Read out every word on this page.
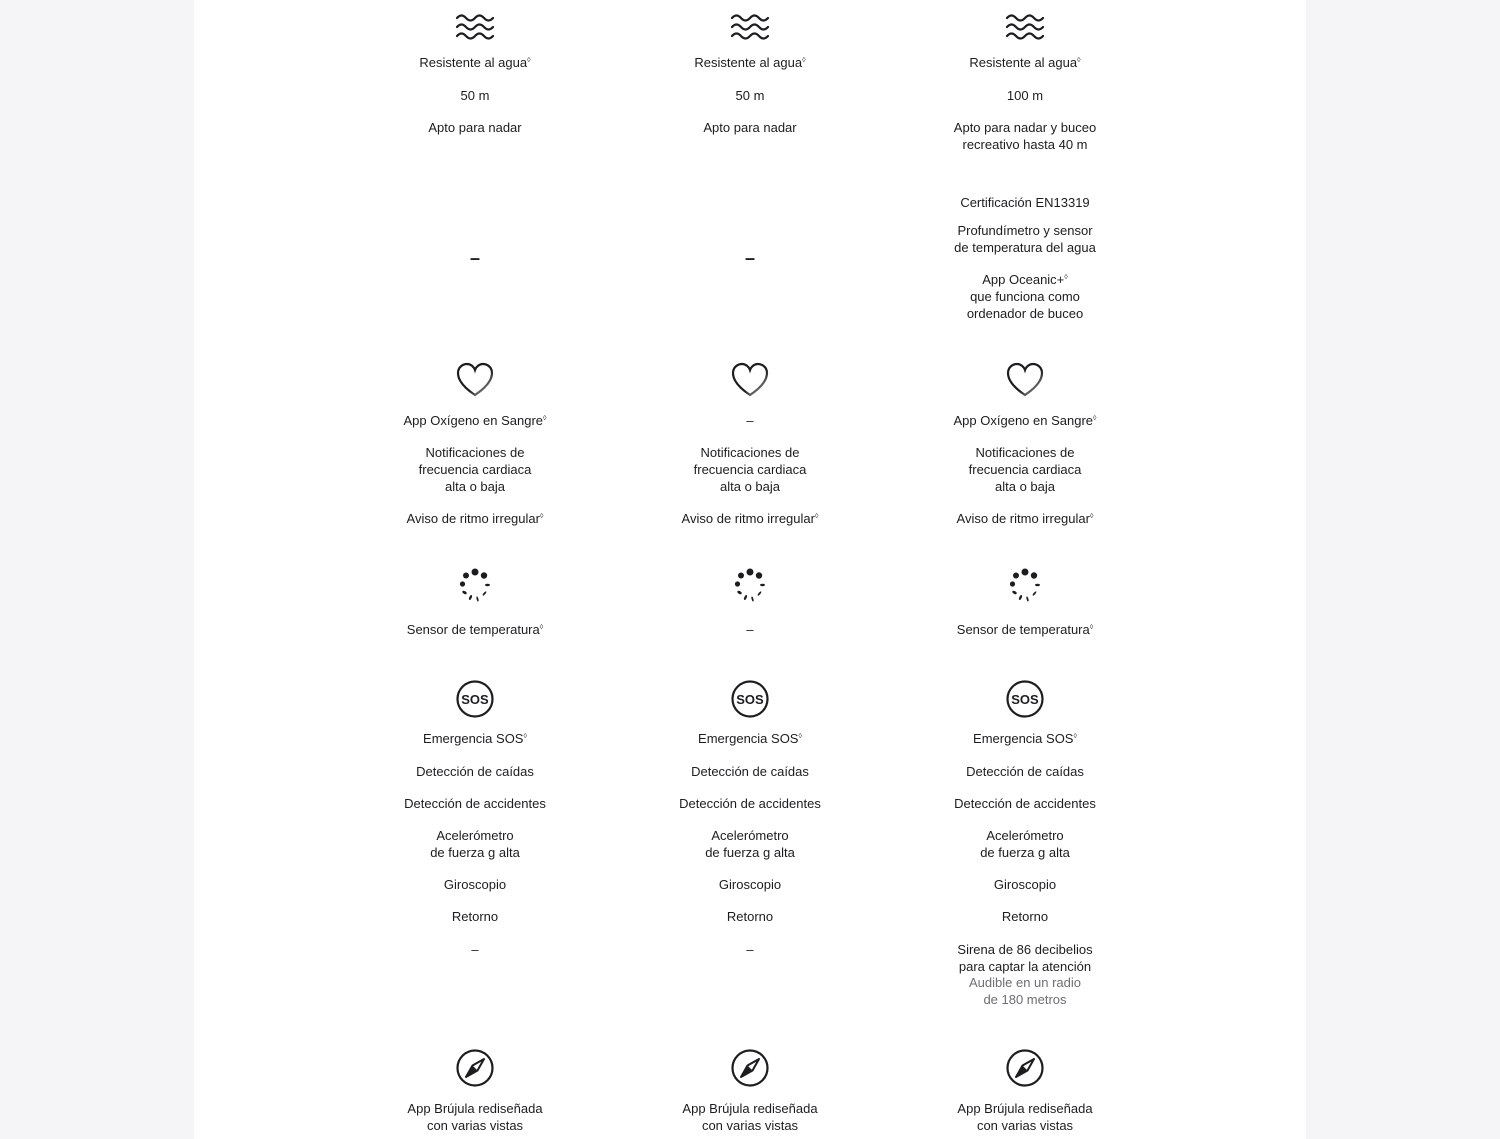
Resistente al agua◊
50 m
Apto para nadar
–
App Oxígeno en Sangre◊
Notificaciones de
frecuencia cardiaca
alta o baja
Aviso de ritmo irregular◊
Sensor de temperatura◊
SOS
Emergencia SOS◊
Detección de caídas
Detección de accidentes
Acelerómetro
de fuerza g alta
Giroscopio
Retorno
–
App Brújula rediseñada
con varias vistas
Resistente al agua◊
50 m
Apto para nadar
–
–
Notificaciones de
frecuencia cardiaca
alta o baja
Aviso de ritmo irregular◊
–
SOS
Emergencia SOS◊
Detección de caídas
Detección de accidentes
Acelerómetro
de fuerza g alta
Giroscopio
Retorno
–
App Brújula rediseñada
con varias vistas
Resistente al agua◊
100 m
Apto para nadar y buceo
recreativo hasta 40 m
Certificación EN13319
Profundímetro y sensor
de temperatura del agua
App Oceanic+◊
que funciona como
ordenador de buceo
App Oxígeno en Sangre◊
Notificaciones de
frecuencia cardiaca
alta o baja
Aviso de ritmo irregular◊
Sensor de temperatura◊
SOS
Emergencia SOS◊
Detección de caídas
Detección de accidentes
Acelerómetro
de fuerza g alta
Giroscopio
Retorno
Sirena de 86 decibelios
para captar la atención
Audible en un radio
de 180 metros
App Brújula rediseñada
con varias vistas
